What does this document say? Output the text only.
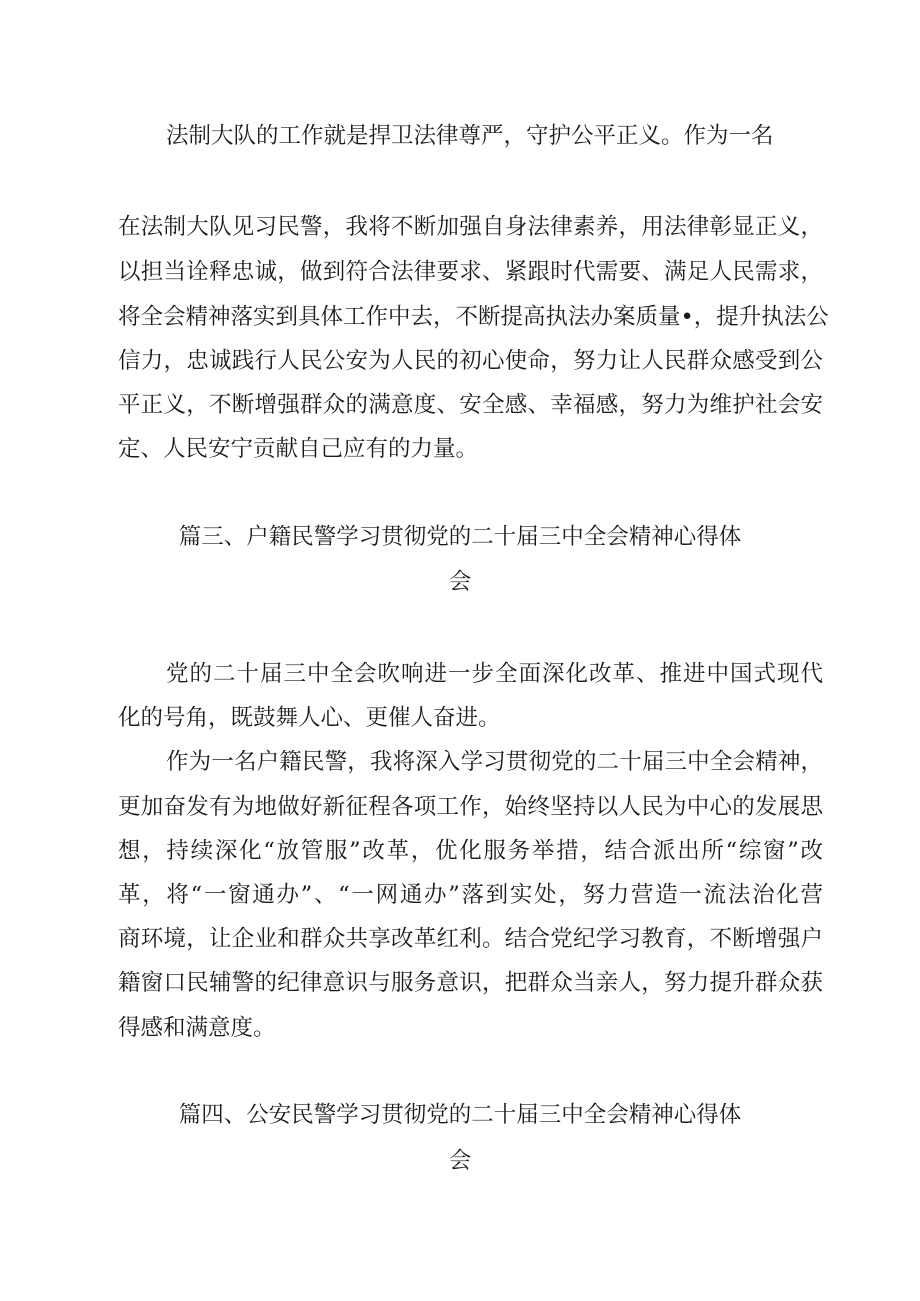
法制大队的工作就是捍卫法律尊严，守护公平正义。作为一名
在法制大队见习民警，我将不断加强自身法律素养，用法律彰显正义，
以担当诠释忠诚，做到符合法律要求、紧跟时代需要、满足人民需求，
将全会精神落实到具体工作中去，不断提高执法办案质量•，提升执法公
信力，忠诚践行人民公安为人民的初心使命，努力让人民群众感受到公
平正义，不断增强群众的满意度、安全感、幸福感，努力为维护社会安
定、人民安宁贡献自己应有的力量。
篇三、户籍民警学习贯彻党的二十届三中全会精神心得体
会
党的二十届三中全会吹响进一步全面深化改革、推进中国式现代
化的号角，既鼓舞人心、更催人奋进。
作为一名户籍民警，我将深入学习贯彻党的二十届三中全会精神，
更加奋发有为地做好新征程各项工作，始终坚持以人民为中心的发展思
想，持续深化“放管服”改革，优化服务举措，结合派出所“综窗”改
革，将“一窗通办”、“一网通办”落到实处，努力营造一流法治化营
商环境，让企业和群众共享改革红利。结合党纪学习教育，不断增强户
籍窗口民辅警的纪律意识与服务意识，把群众当亲人，努力提升群众获
得感和满意度。
篇四、公安民警学习贯彻党的二十届三中全会精神心得体
会
